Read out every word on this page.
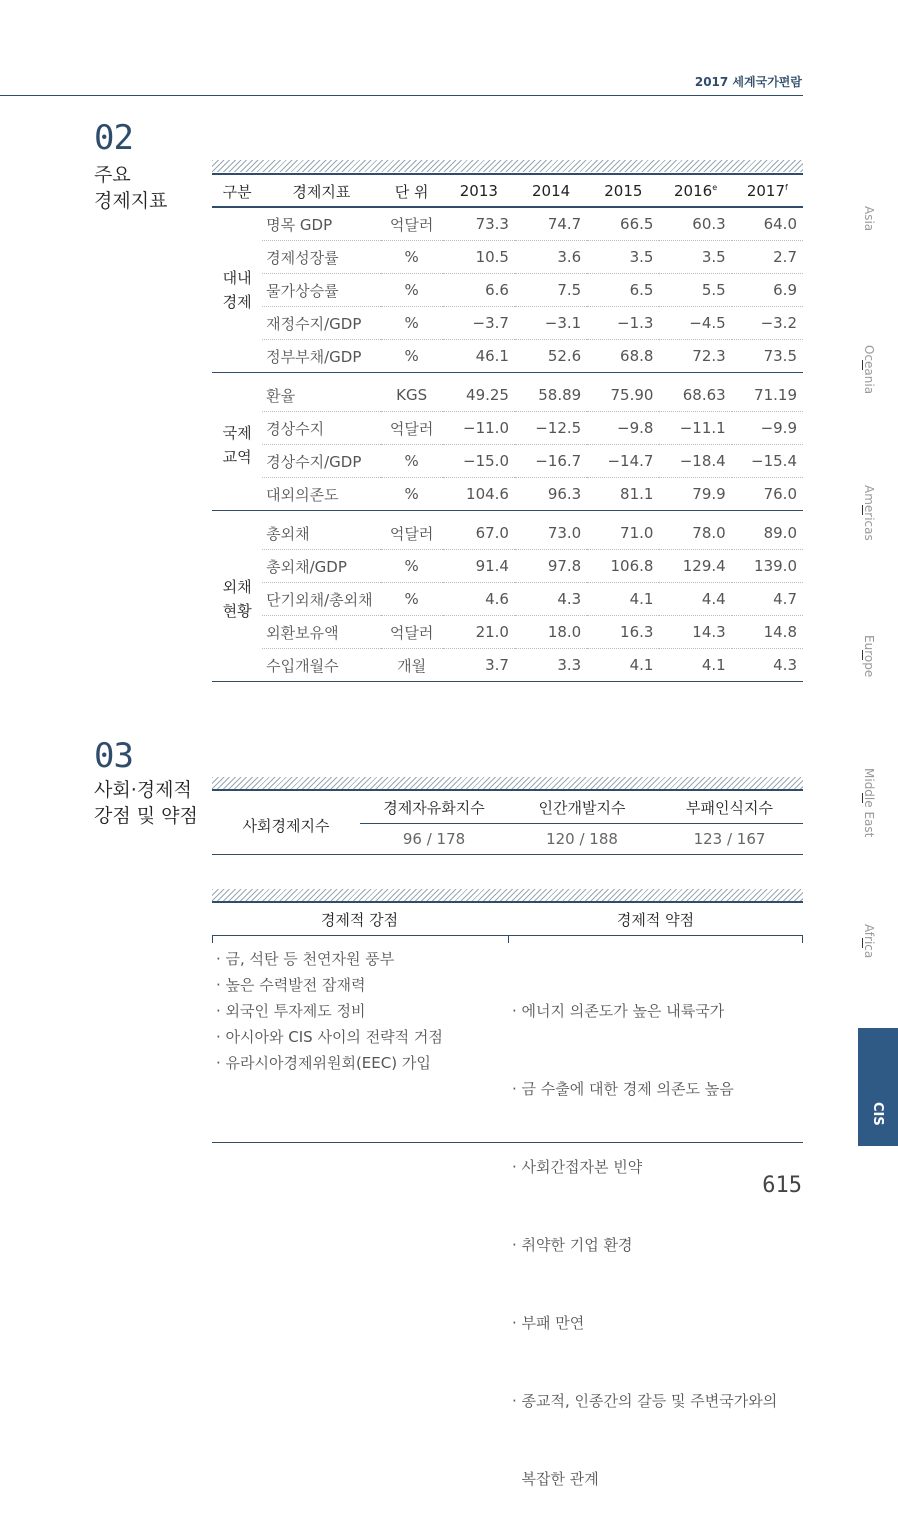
2017 세계국가편람
02
주요
경제지표	구분	경제지표	단 위	2013	2014	2015	2016e	2017$^f$

대내
경제	명목 GDP	억달러	73.3	74.7	66.5	60.3	64.0
	경제성장률	%	10.5	3.6	3.5	3.5	2.7
	물가상승률	%	6.6	7.5	6.5	5.5	6.9
	재정수지/GDP	%	−3.7	−3.1	−1.3	−4.5	−3.2
	정부부채/GDP	%	46.1	52.6	68.8	72.3	73.5

국제
교역	환율	KGS	49.25	58.89	75.90	68.63	71.19
	경상수지	억달러	−11.0	−12.5	−9.8	−11.1	−9.9
	경상수지/GDP	%	−15.0	−16.7	−14.7	−18.4	−15.4
	대외의존도	%	104.6	96.3	81.1	79.9	76.0

외채
현황	총외채	억달러	67.0	73.0	71.0	78.0	89.0
	총외채/GDP	%	91.4	97.8	106.8	129.4	139.0
	단기외채/총외채	%	4.6	4.3	4.1	4.4	4.7
	외환보유액	억달러	21.0	18.0	16.3	14.3	14.8
	수입개월수	개월	3.7	3.3	4.1	4.1	4.3
03
사회·경제적
강점 및 약점	사회경제지수
경제자유화지수	인간개발지수	부패인식지수
96 / 178	120 / 188	123 / 167
경제적 강점	경제적 약점
· 금, 석탄 등 천연자원 풍부
· 높은 수력발전 잠재력
· 외국인 투자제도 정비
· 아시아와 CIS 사이의 전략적 거점
· 유라시아경제위원회(EEC) 가입

· 에너지 의존도가 높은 내륙국가

· 금 수출에 대한 경제 의존도 높음

· 사회간접자본 빈약

· 취약한 기업 환경

· 부패 만연

· 종교적, 인종간의 갈등 및 주변국가와의

복잡한 관계

Asia
Oceania
Americas
Europe
Middle East
Africa
CIS
615
